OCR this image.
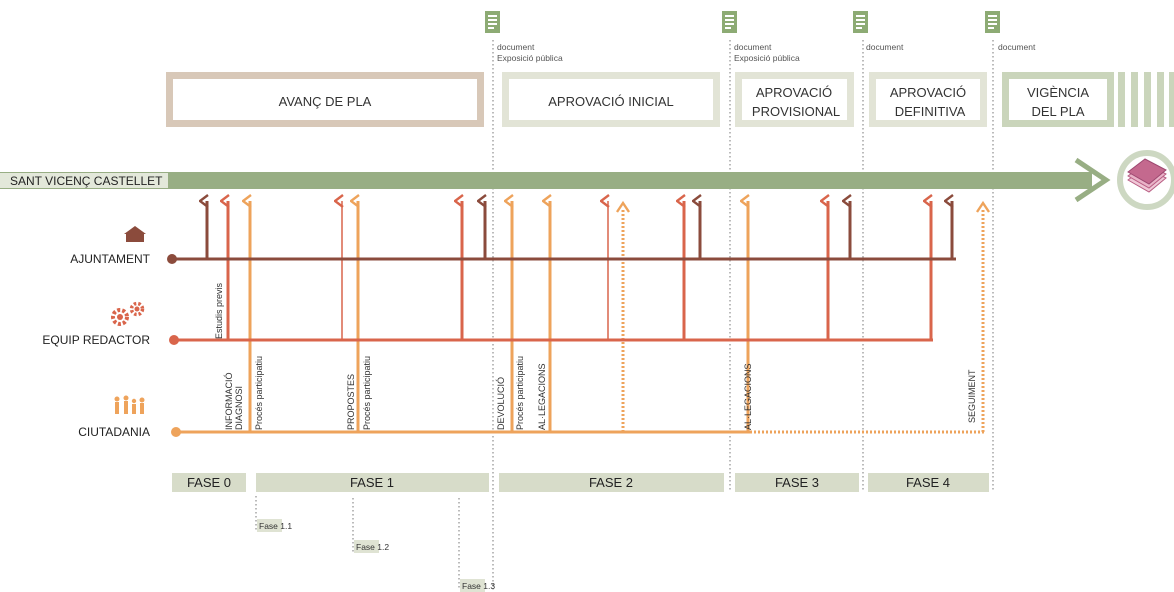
document
Exposició pública
document
Exposició pública
document	document
AVANÇ DE PLA	APROVACIÓ INICIAL
APROVACIÓ
PROVISIONAL
APROVACIÓ
DEFINITIVA
VIGÈNCIA
DEL PLA
SANT VICENÇ CASTELLET
AJUNTAMENT
EQUIP REDACTOR
CIUTADANIA
Estudis previs
INFORMACIÓ DIAGNOSI Procés participatiu	PROPOSTES Procés participatiu	DEVOLUCIÓ Procés participatiu AL·LEGACIONS	AL·LEGACIONS	SEGUIMENT
FASE 0	FASE 1	FASE 2	FASE 3	FASE 4
Fase 1.1
Fase 1.2
Fase 1.3
